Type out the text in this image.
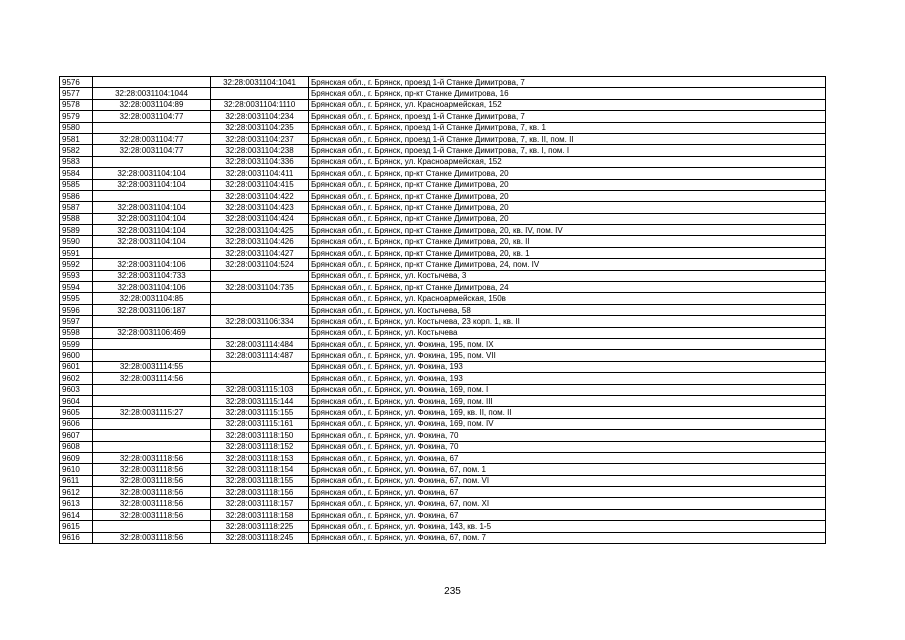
9576		32:28:0031104:1041	Брянская обл., г. Брянск, проезд 1-й Станке Димитрова, 7
9577	32:28:0031104:1044		Брянская обл., г. Брянск, пр-кт Станке Димитрова, 16
9578	32:28:0031104:89	32:28:0031104:1110	Брянская обл., г. Брянск, ул. Красноармейская, 152
9579	32:28:0031104:77	32:28:0031104:234	Брянская обл., г. Брянск, проезд 1-й Станке Димитрова, 7
9580		32:28:0031104:235	Брянская обл., г. Брянск, проезд 1-й Станке Димитрова, 7, кв. 1
9581	32:28:0031104:77	32:28:0031104:237	Брянская обл., г. Брянск, проезд 1-й Станке Димитрова, 7, кв. II, пом. II
9582	32:28:0031104:77	32:28:0031104:238	Брянская обл., г. Брянск, проезд 1-й Станке Димитрова, 7, кв. I, пом. I
9583		32:28:0031104:336	Брянская обл., г. Брянск, ул. Красноармейская, 152
9584	32:28:0031104:104	32:28:0031104:411	Брянская обл., г. Брянск, пр-кт Станке Димитрова, 20
9585	32:28:0031104:104	32:28:0031104:415	Брянская обл., г. Брянск, пр-кт Станке Димитрова, 20
9586		32:28:0031104:422	Брянская обл., г. Брянск, пр-кт Станке Димитрова, 20
9587	32:28:0031104:104	32:28:0031104:423	Брянская обл., г. Брянск, пр-кт Станке Димитрова, 20
9588	32:28:0031104:104	32:28:0031104:424	Брянская обл., г. Брянск, пр-кт Станке Димитрова, 20
9589	32:28:0031104:104	32:28:0031104:425	Брянская обл., г. Брянск, пр-кт Станке Димитрова, 20, кв. IV, пом. IV
9590	32:28:0031104:104	32:28:0031104:426	Брянская обл., г. Брянск, пр-кт Станке Димитрова, 20, кв. II
9591		32:28:0031104:427	Брянская обл., г. Брянск, пр-кт Станке Димитрова, 20, кв. 1
9592	32:28:0031104:106	32:28:0031104:524	Брянская обл., г. Брянск, пр-кт Станке Димитрова, 24, пом. IV
9593	32:28:0031104:733		Брянская обл., г. Брянск, ул. Костычева, 3
9594	32:28:0031104:106	32:28:0031104:735	Брянская обл., г. Брянск, пр-кт Станке Димитрова, 24
9595	32:28:0031104:85		Брянская обл., г. Брянск, ул. Красноармейская, 150в
9596	32:28:0031106:187		Брянская обл., г. Брянск, ул. Костычева, 58
9597		32:28:0031106:334	Брянская обл., г. Брянск, ул. Костычева, 23 корп. 1, кв. II
9598	32:28:0031106:469		Брянская обл., г. Брянск, ул. Костычева
9599		32:28:0031114:484	Брянская обл., г. Брянск, ул. Фокина, 195, пом. IX
9600		32:28:0031114:487	Брянская обл., г. Брянск, ул. Фокина, 195, пом. VII
9601	32:28:0031114:55		Брянская обл., г. Брянск, ул. Фокина, 193
9602	32:28:0031114:56		Брянская обл., г. Брянск, ул. Фокина, 193
9603		32:28:0031115:103	Брянская обл., г. Брянск, ул. Фокина, 169, пом. I
9604		32:28:0031115:144	Брянская обл., г. Брянск, ул. Фокина, 169, пом. III
9605	32:28:0031115:27	32:28:0031115:155	Брянская обл., г. Брянск, ул. Фокина, 169, кв. II, пом. II
9606		32:28:0031115:161	Брянская обл., г. Брянск, ул. Фокина, 169, пом. IV
9607		32:28:0031118:150	Брянская обл., г. Брянск, ул. Фокина, 70
9608		32:28:0031118:152	Брянская обл., г. Брянск, ул. Фокина, 70
9609	32:28:0031118:56	32:28:0031118:153	Брянская обл., г. Брянск, ул. Фокина, 67
9610	32:28:0031118:56	32:28:0031118:154	Брянская обл., г. Брянск, ул. Фокина, 67, пом. 1
9611	32:28:0031118:56	32:28:0031118:155	Брянская обл., г. Брянск, ул. Фокина, 67, пом. VI
9612	32:28:0031118:56	32:28:0031118:156	Брянская обл., г. Брянск, ул. Фокина, 67
9613	32:28:0031118:56	32:28:0031118:157	Брянская обл., г. Брянск, ул. Фокина, 67, пом. XI
9614	32:28:0031118:56	32:28:0031118:158	Брянская обл., г. Брянск, ул. Фокина, 67
9615		32:28:0031118:225	Брянская обл., г. Брянск, ул. Фокина, 143, кв. 1-5
9616	32:28:0031118:56	32:28:0031118:245	Брянская обл., г. Брянск, ул. Фокина, 67, пом. 7
235
